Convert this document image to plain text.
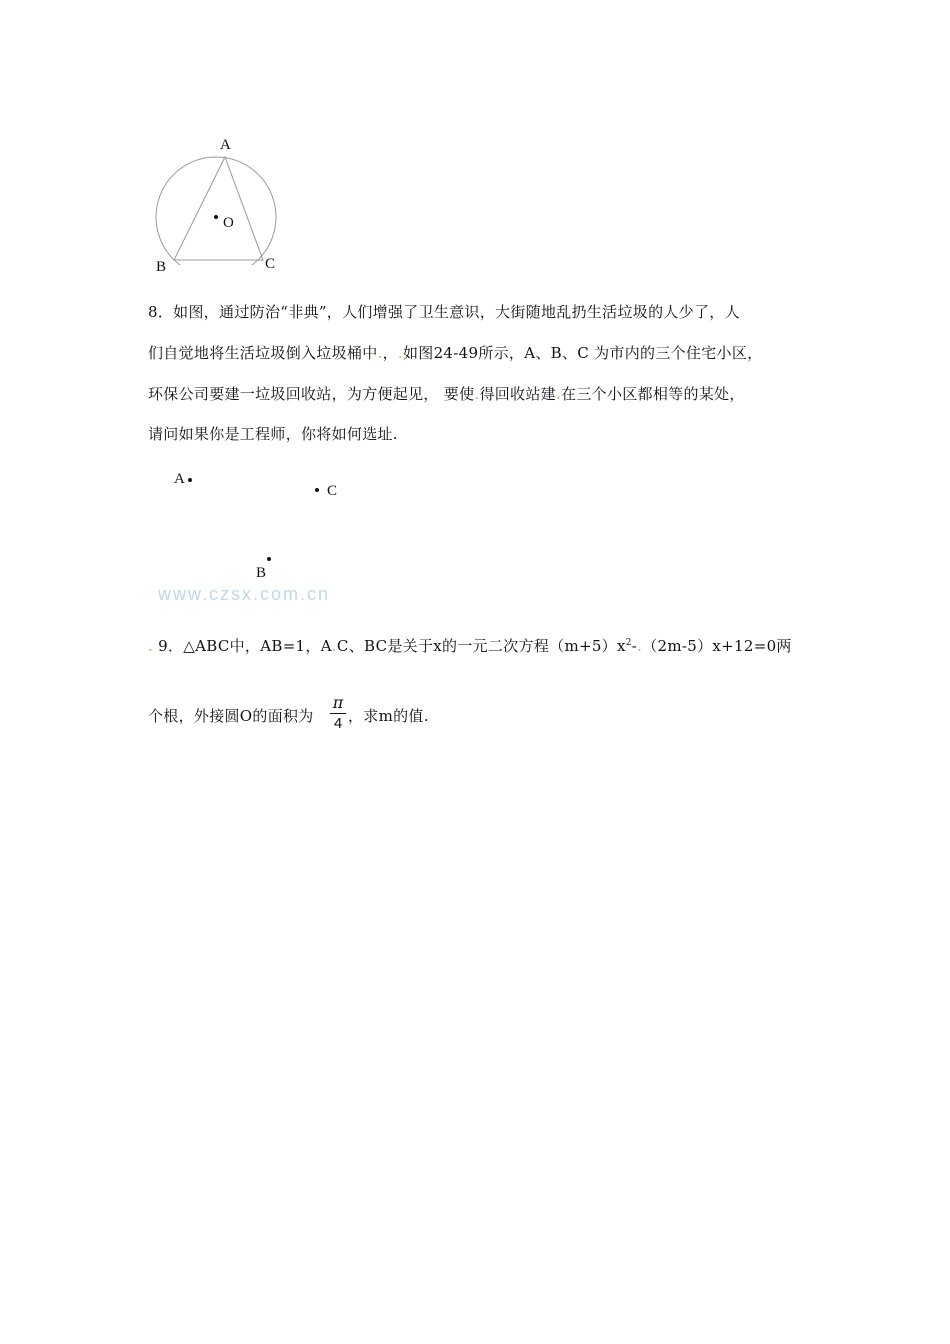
A
B	C
O
8．如图，通过防治“非典”，人们增强了卫生意识，大街随地乱扔生活垃圾的人少了，人
们自觉地将生活垃圾倒入垃圾桶中.，.如图24-49所示，A、B、C 为市内的三个住宅小区，
环保公司要建一垃圾回收站，为方便起见， 要使.得回收站建.在三个小区都相等的某处，
请问如果你是工程师，你将如何选址.
A
C
B
www.czsx.com.cn
. 9．△ABC中，AB=1，A.C、BC是关于x的一元二次方程$(m+5)x^2-.(2m-5)x+12=0$两
个根，外接圆O的面积为
π
4 ，求m的值.
